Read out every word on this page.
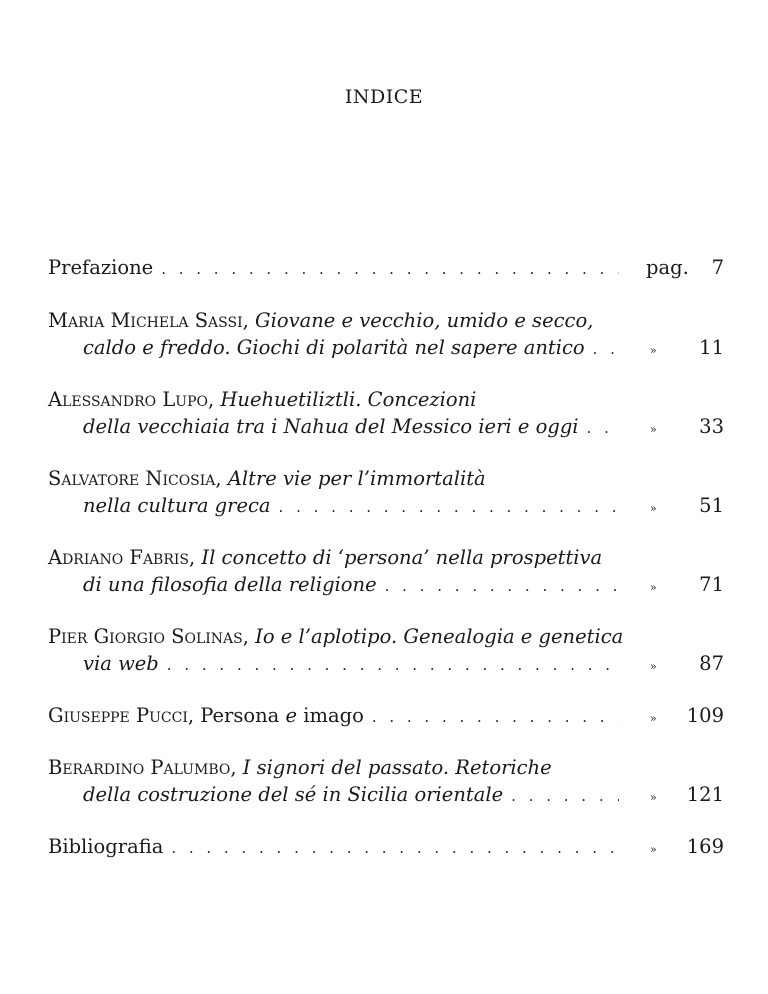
INDICE
Prefazione . . .	pag.	7
Maria Michela Sassi,
Giovane e vecchio, umido e secco,
caldo e freddo. Giochi di polarità nel sapere antico . . .	»	11
Alessandro Lupo,
Huehuetiliztli. Concezioni
della vecchiaia tra i Nahua del Messico ieri e oggi . . .	»	33
Salvatore Nicosia,
Altre vie per l’immortalità
nella cultura greca . . .	»	51
Adriano Fabris,
Il concetto di ‘persona’ nella prospettiva
di una filosofia della religione . . .	»	71
Pier Giorgio Solinas,
Io e l’aplotipo. Genealogia e genetica
via web . . .	»	87
Giuseppe Pucci,
Persona
e
imago . . .	»	109
Berardino Palumbo,
I signori del passato. Retoriche
della costruzione del sé in Sicilia orientale . . .	»	121
Bibliografia . . .	»	169
